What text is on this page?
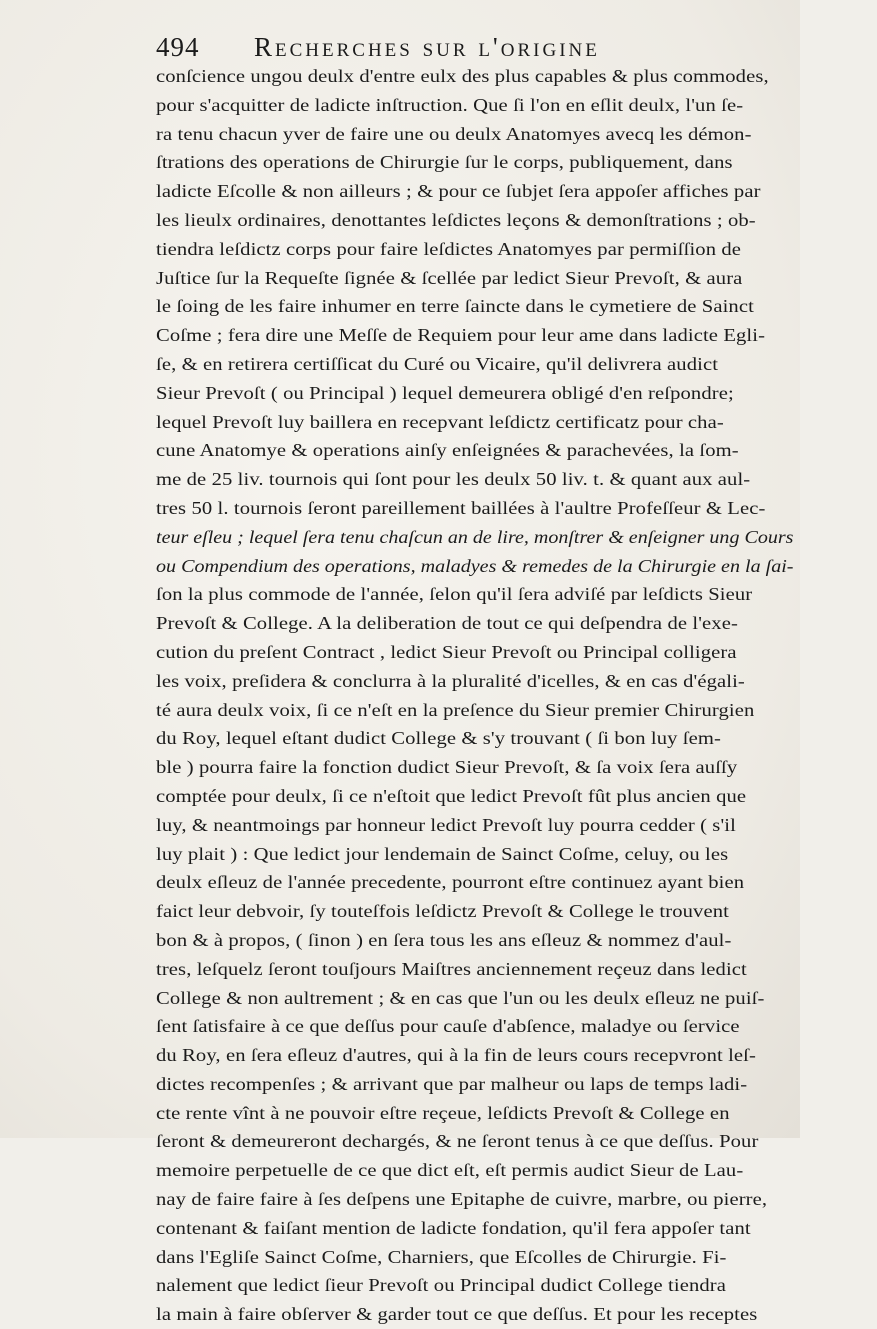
494 Recherches sur l'origine
conſcience ungou deulx d'entre eulx des plus capables & plus commodes,
pour s'acquitter de ladicte inſtruction. Que ſi l'on en eſlit deulx, l'un ſe-
ra tenu chacun yver de faire une ou deulx Anatomyes avecq les démon-
ſtrations des operations de Chirurgie ſur le corps, publiquement, dans
ladicte Eſcolle & non ailleurs ; & pour ce ſubjet ſera appoſer affiches par
les lieulx ordinaires, denottantes leſdictes leçons & demonſtrations ; ob-
tiendra leſdictz corps pour faire leſdictes Anatomyes par permiſſion de
Juſtice ſur la Requeſte ſignée & ſcellée par ledict Sieur Prevoſt, & aura
le ſoing de les faire inhumer en terre ſaincte dans le cymetiere de Sainct
Coſme ; fera dire une Meſſe de Requiem pour leur ame dans ladicte Egli-
ſe, & en retirera certiſſicat du Curé ou Vicaire, qu'il delivrera audict
Sieur Prevoſt ( ou Principal ) lequel demeurera obligé d'en reſpondre;
lequel Prevoſt luy baillera en recepvant leſdictz certificatz pour cha-
cune Anatomye & operations ainſy enſeignées & parachevées, la ſom-
me de 25 liv. tournois qui ſont pour les deulx 50 liv. t. & quant aux aul-
tres 50 l. tournois ſeront pareillement baillées à l'aultre Profeſſeur & Lec-
teur eſleu ; lequel ſera tenu chaſcun an de lire, monſtrer & enſeigner ung Cours
ou Compendium des operations, maladyes & remedes de la Chirurgie en la ſai-
ſon la plus commode de l'année, ſelon qu'il ſera adviſé par leſdicts Sieur
Prevoſt & College. A la deliberation de tout ce qui deſpendra de l'exe-
cution du preſent Contract , ledict Sieur Prevoſt ou Principal colligera
les voix, preſidera & conclurra à la pluralité d'icelles, & en cas d'égali-
té aura deulx voix, ſi ce n'eſt en la preſence du Sieur premier Chirurgien
du Roy, lequel eſtant dudict College & s'y trouvant ( ſi bon luy ſem-
ble ) pourra faire la fonction dudict Sieur Prevoſt, & ſa voix ſera auſſy
comptée pour deulx, ſi ce n'eſtoit que ledict Prevoſt fût plus ancien que
luy, & neantmoings par honneur ledict Prevoſt luy pourra cedder ( s'il
luy plait ) : Que ledict jour lendemain de Sainct Coſme, celuy, ou les
deulx eſleuz de l'année precedente, pourront eſtre continuez ayant bien
faict leur debvoir, ſy touteſfois leſdictz Prevoſt & College le trouvent
bon & à propos, ( ſinon ) en ſera tous les ans eſleuz & nommez d'aul-
tres, leſquelz ſeront touſjours Maiſtres anciennement reçeuz dans ledict
College & non aultrement ; & en cas que l'un ou les deulx eſleuz ne puiſ-
ſent ſatisfaire à ce que deſſus pour cauſe d'abſence, maladye ou ſervice
du Roy, en ſera eſleuz d'autres, qui à la fin de leurs cours recepvront leſ-
dictes recompenſes ; & arrivant que par malheur ou laps de temps ladi-
cte rente vînt à ne pouvoir eſtre reçeue, leſdicts Prevoſt & College en
ſeront & demeureront dechargés, & ne ſeront tenus à ce que deſſus. Pour
memoire perpetuelle de ce que dict eſt, eſt permis audict Sieur de Lau-
nay de faire faire à ſes deſpens une Epitaphe de cuivre, marbre, ou pierre,
contenant & faiſant mention de ladicte fondation, qu'il fera appoſer tant
dans l'Egliſe Sainct Coſme, Charniers, que Eſcolles de Chirurgie. Fi-
nalement que ledict ſieur Prevoſt ou Principal dudict College tiendra
la main à faire obſerver & garder tout ce que deſſus. Et pour les receptes
